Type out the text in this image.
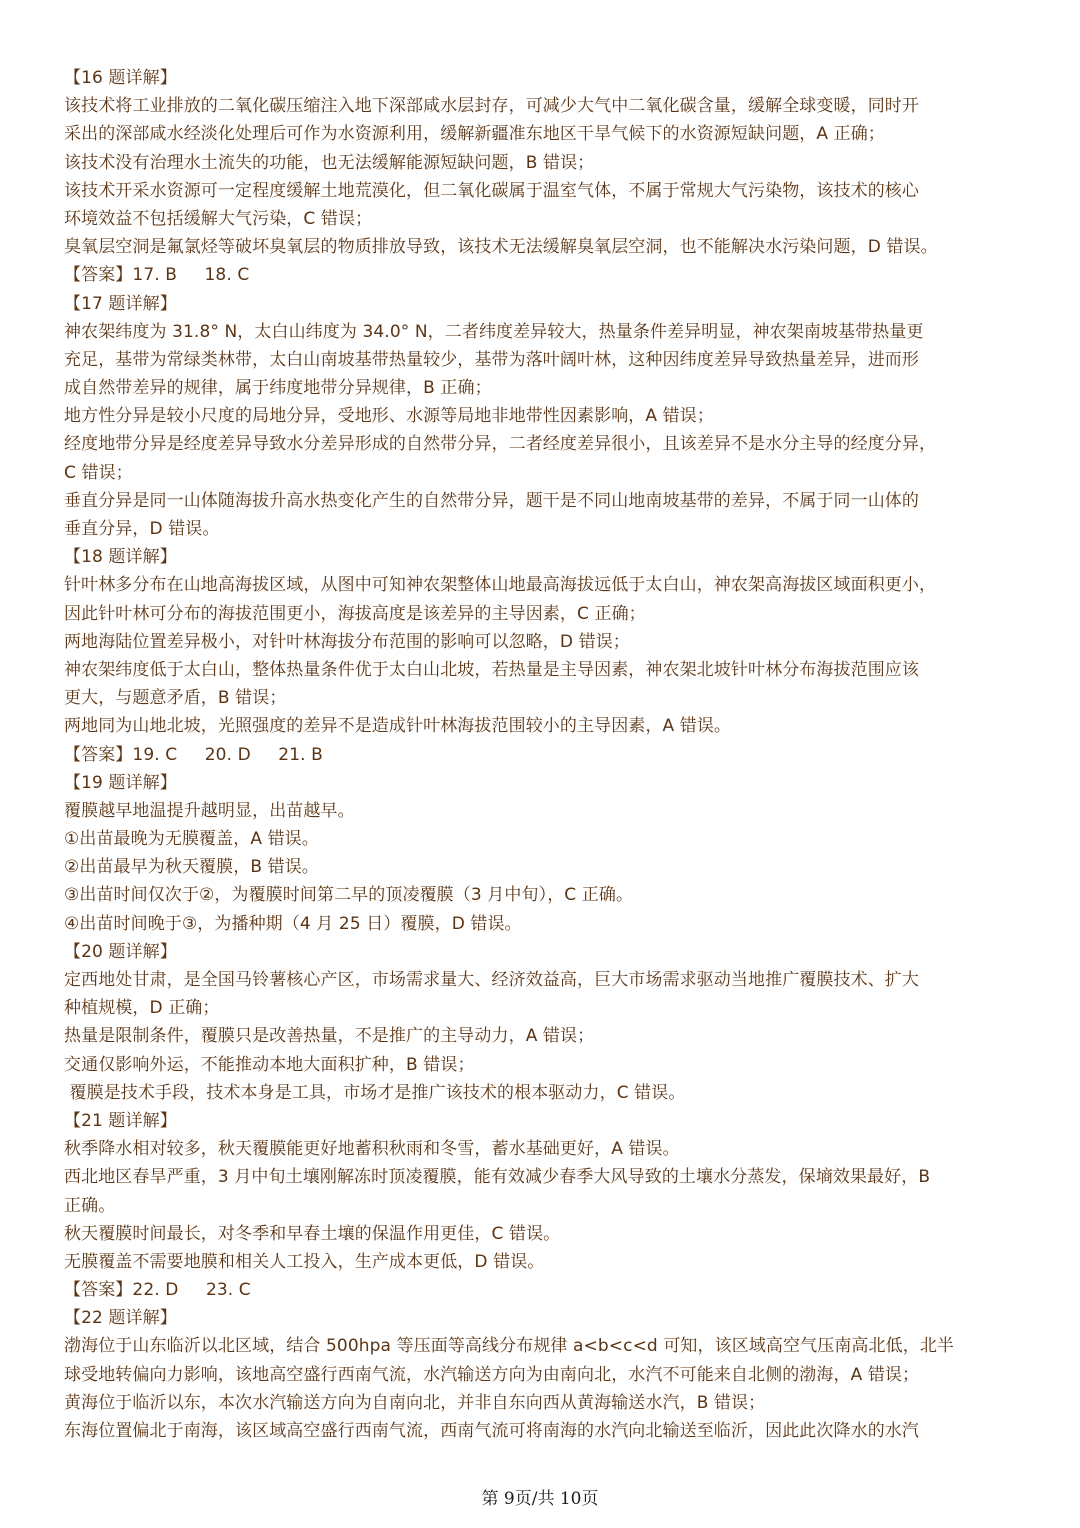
【16 题详解】
该技术将工业排放的二氧化碳压缩注入地下深部咸水层封存，可减少大气中二氧化碳含量，缓解全球变暖，同时开
采出的深部咸水经淡化处理后可作为水资源利用，缓解新疆准东地区干旱气候下的水资源短缺问题，A 正确；
该技术没有治理水土流失的功能，也无法缓解能源短缺问题，B 错误；
该技术开采水资源可一定程度缓解土地荒漠化，但二氧化碳属于温室气体，不属于常规大气污染物，该技术的核心
环境效益不包括缓解大气污染，C 错误；
臭氧层空洞是氟氯烃等破坏臭氧层的物质排放导致，该技术无法缓解臭氧层空洞，也不能解决水污染问题，D 错误。
【答案】17. B     18. C
【17 题详解】
神农架纬度为 31.8° N，太白山纬度为 34.0° N，二者纬度差异较大，热量条件差异明显，神农架南坡基带热量更
充足，基带为常绿类林带，太白山南坡基带热量较少，基带为落叶阔叶林，这种因纬度差异导致热量差异，进而形
成自然带差异的规律，属于纬度地带分异规律，B 正确；
地方性分异是较小尺度的局地分异，受地形、水源等局地非地带性因素影响，A 错误；
经度地带分异是经度差异导致水分差异形成的自然带分异，二者经度差异很小，且该差异不是水分主导的经度分异，
C 错误；
垂直分异是同一山体随海拔升高水热变化产生的自然带分异，题干是不同山地南坡基带的差异，不属于同一山体的
垂直分异，D 错误。
【18 题详解】
针叶林多分布在山地高海拔区域，从图中可知神农架整体山地最高海拔远低于太白山，神农架高海拔区域面积更小，
因此针叶林可分布的海拔范围更小，海拔高度是该差异的主导因素，C 正确；
两地海陆位置差异极小，对针叶林海拔分布范围的影响可以忽略，D 错误；
神农架纬度低于太白山，整体热量条件优于太白山北坡，若热量是主导因素，神农架北坡针叶林分布海拔范围应该
更大，与题意矛盾，B 错误；
两地同为山地北坡，光照强度的差异不是造成针叶林海拔范围较小的主导因素，A 错误。
【答案】19. C     20. D     21. B
【19 题详解】
覆膜越早地温提升越明显，出苗越早。
①出苗最晚为无膜覆盖，A 错误。
②出苗最早为秋天覆膜，B 错误。
③出苗时间仅次于②，为覆膜时间第二早的顶凌覆膜（3 月中旬），C 正确。
④出苗时间晚于③，为播种期（4 月 25 日）覆膜，D 错误。
【20 题详解】
定西地处甘肃，是全国马铃薯核心产区，市场需求量大、经济效益高，巨大市场需求驱动当地推广覆膜技术、扩大
种植规模，D 正确；
热量是限制条件，覆膜只是改善热量，不是推广的主导动力，A 错误；
交通仅影响外运，不能推动本地大面积扩种，B 错误；
覆膜是技术手段，技术本身是工具，市场才是推广该技术的根本驱动力，C 错误。
【21 题详解】
秋季降水相对较多，秋天覆膜能更好地蓄积秋雨和冬雪，蓄水基础更好，A 错误。
西北地区春旱严重，3 月中旬土壤刚解冻时顶凌覆膜，能有效减少春季大风导致的土壤水分蒸发，保墒效果最好，B
正确。
秋天覆膜时间最长，对冬季和早春土壤的保温作用更佳，C 错误。
无膜覆盖不需要地膜和相关人工投入，生产成本更低，D 错误。
【答案】22. D     23. C
【22 题详解】
渤海位于山东临沂以北区域，结合 500hpa 等压面等高线分布规律 a<b<c<d 可知，该区域高空气压南高北低，北半
球受地转偏向力影响，该地高空盛行西南气流，水汽输送方向为由南向北，水汽不可能来自北侧的渤海，A 错误；
黄海位于临沂以东，本次水汽输送方向为自南向北，并非自东向西从黄海输送水汽，B 错误；
东海位置偏北于南海，该区域高空盛行西南气流，西南气流可将南海的水汽向北输送至临沂，因此此次降水的水汽
第 9页/共 10页
